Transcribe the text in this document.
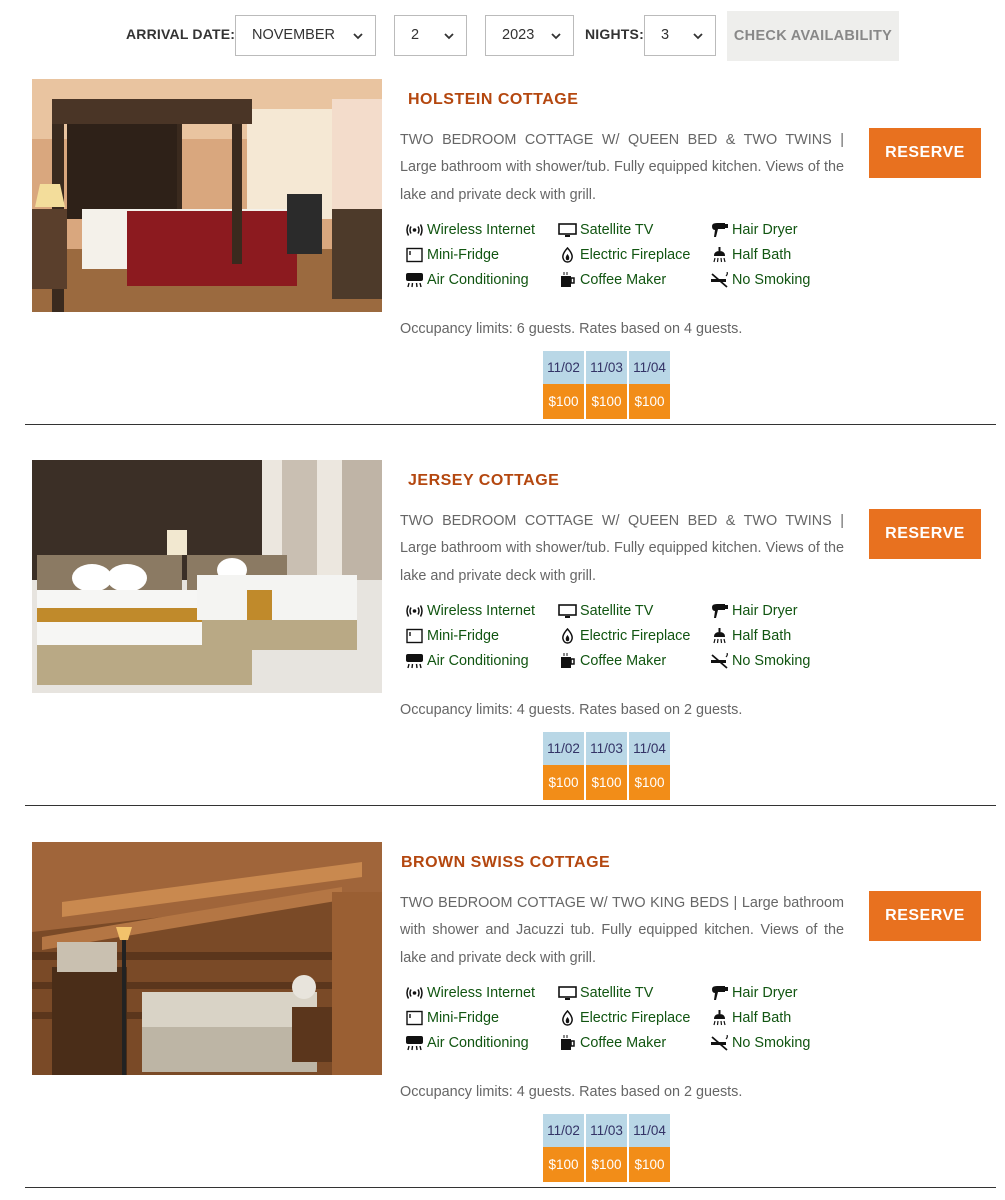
ARRIVAL DATE: NOVEMBER	2	2023	NIGHTS: 3	CHECK AVAILABILITY
HOLSTEIN COTTAGE
TWO BEDROOM COTTAGE W/ QUEEN BED & TWO TWINS | Large bathroom with shower/tub. Fully equipped kitchen. Views of the lake and private deck with grill.
RESERVE
Wireless Internet	Satellite TV	Hair Dryer
Mini-Fridge	Electric Fireplace	Half Bath
Air Conditioning	Coffee Maker	No Smoking
Occupancy limits: 6 guests. Rates based on 4 guests.
11/02	11/03	11/04
$100	$100	$100
JERSEY COTTAGE
TWO BEDROOM COTTAGE W/ QUEEN BED & TWO TWINS | Large bathroom with shower/tub. Fully equipped kitchen. Views of the lake and private deck with grill.
RESERVE
Wireless Internet	Satellite TV	Hair Dryer
Mini-Fridge	Electric Fireplace	Half Bath
Air Conditioning	Coffee Maker	No Smoking
Occupancy limits: 4 guests. Rates based on 2 guests.
11/02	11/03	11/04
$100	$100	$100
BROWN SWISS COTTAGE
TWO BEDROOM COTTAGE W/ TWO KING BEDS | Large bathroom with shower and Jacuzzi tub. Fully equipped kitchen. Views of the lake and private deck with grill.
RESERVE
Wireless Internet	Satellite TV	Hair Dryer
Mini-Fridge	Electric Fireplace	Half Bath
Air Conditioning	Coffee Maker	No Smoking
Occupancy limits: 4 guests. Rates based on 2 guests.
11/02	11/03	11/04
$100	$100	$100
